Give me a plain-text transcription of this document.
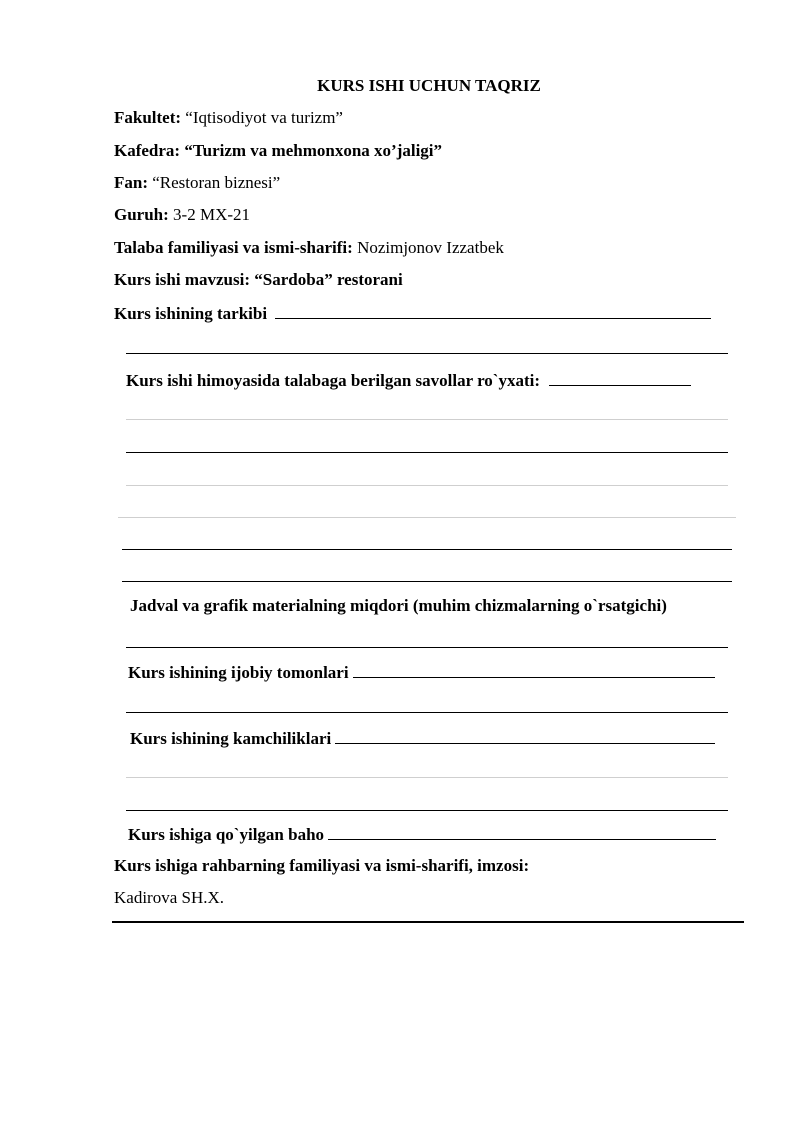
KURS ISHI UCHUN TAQRIZ
Fakultet: “Iqtisodiyot va turizm”
Kafedra: “Turizm va mehmonxona xo’jaligi”
Fan: “Restoran biznesi”
Guruh: 3-2 MX-21
Talaba familiyasi va ismi-sharifi: Nozimjonov Izzatbek
Kurs ishi mavzusi: “Sardoba” restorani
Kurs ishining tarkibi
Kurs ishi himoyasida talabaga berilgan savollar ro`yxati:
Jadval va grafik materialning miqdori (muhim chizmalarning o`rsatgichi)
Kurs ishining ijobiy tomonlari
Kurs ishining kamchiliklari
Kurs ishiga qo`yilgan baho
Kurs ishiga rahbarning familiyasi va ismi-sharifi, imzosi:
Kadirova SH.X.
